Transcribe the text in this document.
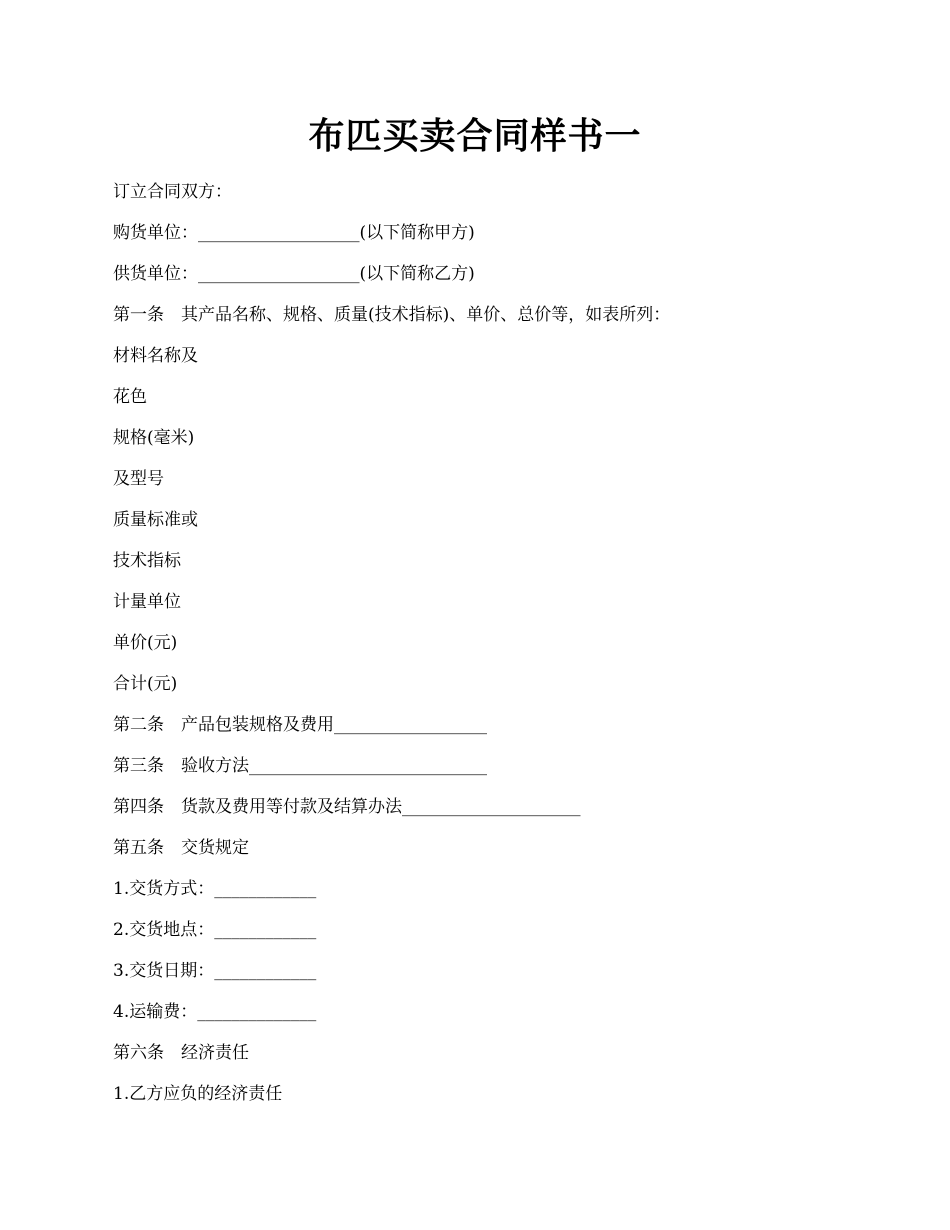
布匹买卖合同样书一
订立合同双方：
购货单位：___________________(以下简称甲方)
供货单位：___________________(以下简称乙方)
第一条　其产品名称、规格、质量(技术指标)、单价、总价等，如表所列：
材料名称及
花色
规格(毫米)
及型号
质量标准或
技术指标
计量单位
单价(元)
合计(元)
第二条　产品包装规格及费用__________________
第三条　验收方法____________________________
第四条　货款及费用等付款及结算办法_____________________
第五条　交货规定
1.交货方式：____________
2.交货地点：____________
3.交货日期：____________
4.运输费：______________
第六条　经济责任
1.乙方应负的经济责任
